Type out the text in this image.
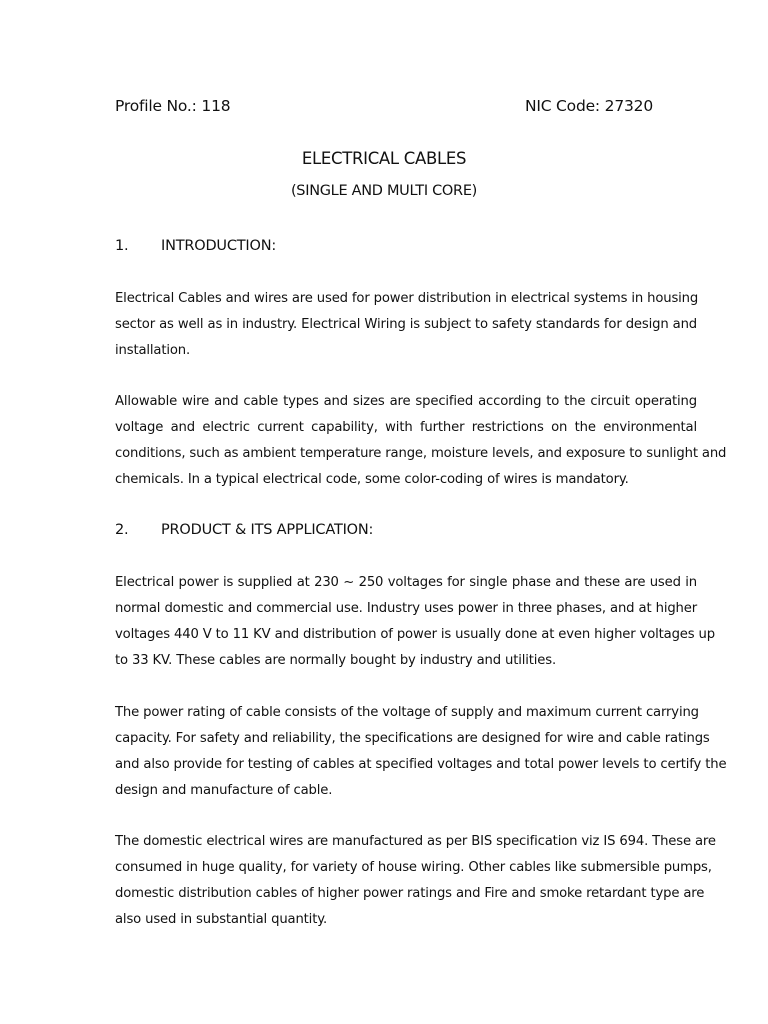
Profile No.: 118	NIC Code: 27320
ELECTRICAL CABLES
(SINGLE AND MULTI CORE)
1.	INTRODUCTION:
Electrical Cables and wires are used for power distribution in electrical systems in housing
sector as well as in industry. Electrical Wiring is subject to safety standards for design and
installation.
Allowable wire and cable types and sizes are specified according to the circuit operating
voltage and electric current capability, with further restrictions on the environmental
conditions, such as ambient temperature range, moisture levels, and exposure to sunlight and
chemicals. In a typical electrical code, some color-coding of wires is mandatory.
2.	PRODUCT & ITS APPLICATION:
Electrical power is supplied at 230 ~ 250 voltages for single phase and these are used in
normal domestic and commercial use. Industry uses power in three phases, and at higher
voltages 440 V to 11 KV and distribution of power is usually done at even higher voltages up
to 33 KV. These cables are normally bought by industry and utilities.
The power rating of cable consists of the voltage of supply and maximum current carrying
capacity. For safety and reliability, the specifications are designed for wire and cable ratings
and also provide for testing of cables at specified voltages and total power levels to certify the
design and manufacture of cable.
The domestic electrical wires are manufactured as per BIS specification viz IS 694. These are
consumed in huge quality, for variety of house wiring. Other cables like submersible pumps,
domestic distribution cables of higher power ratings and Fire and smoke retardant type are
also used in substantial quantity.
